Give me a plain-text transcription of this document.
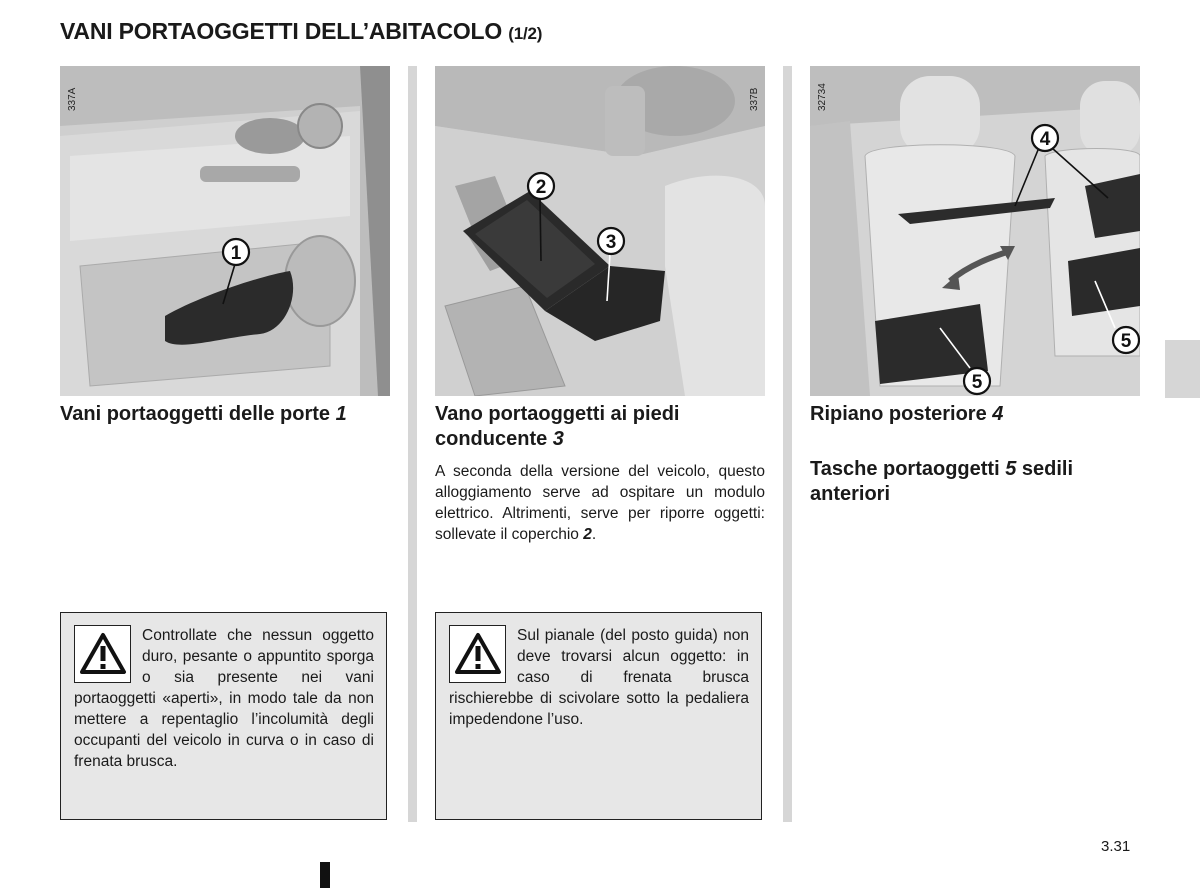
VANI PORTAOGGETTI DELL’ABITACOLO (1/2)
1
337A
Vani portaoggetti delle porte 1
Controllate che nessun oggetto duro, pesante o appuntito sporga o sia presente nei vani portaoggetti «aperti», in modo tale da non mettere a repentaglio l’incolumità degli occupanti del veicolo in curva o in caso di frenata brusca.
2
3
337B
Vano portaoggetti ai piedi conducente 3
A seconda della versione del veicolo, questo alloggiamento serve ad ospitare un modulo elettrico. Altrimenti, serve per riporre oggetti: sollevate il coperchio 2.
Sul pianale (del posto guida) non deve trovarsi alcun oggetto: in caso di frenata brusca rischierebbe di scivolare sotto la pedaliera impedendone l’uso.
4
5
5
32734
Ripiano posteriore 4
Tasche portaoggetti 5 sedili anteriori
3.31
